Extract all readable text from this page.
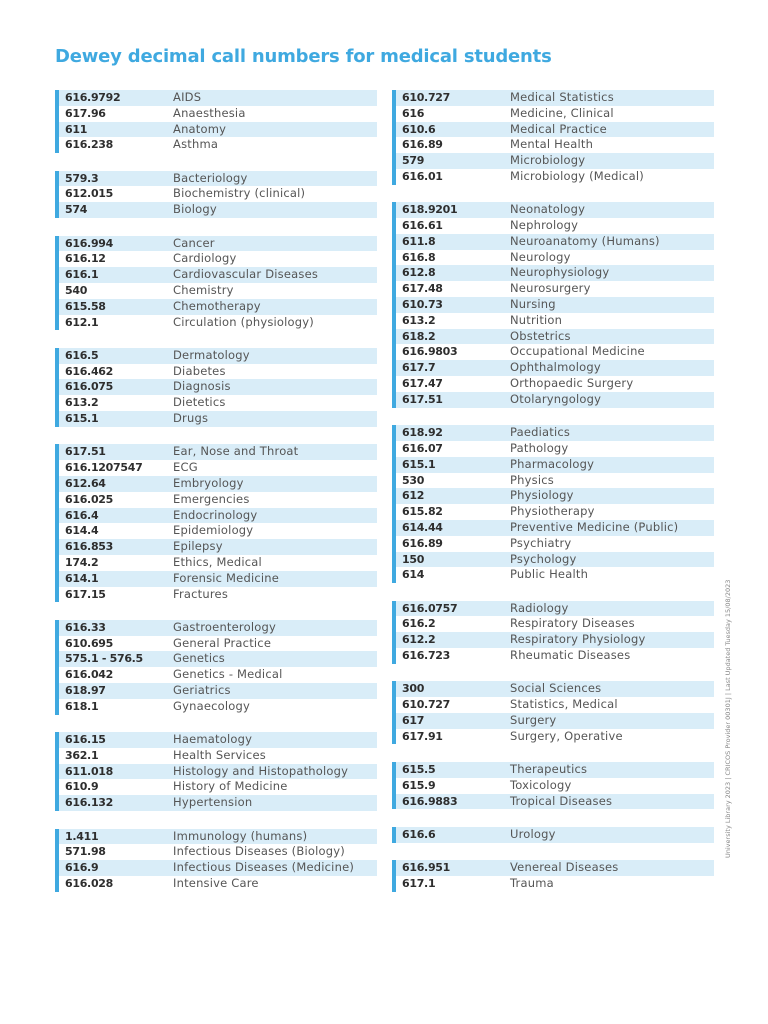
Dewey decimal call numbers for medical students
616.9792	AIDS
617.96	Anaesthesia
611	Anatomy
616.238	Asthma
579.3	Bacteriology
612.015	Biochemistry (clinical)
574	Biology
616.994	Cancer
616.12	Cardiology
616.1	Cardiovascular Diseases
540	Chemistry
615.58	Chemotherapy
612.1	Circulation (physiology)
616.5	Dermatology
616.462	Diabetes
616.075	Diagnosis
613.2	Dietetics
615.1	Drugs
617.51	Ear, Nose and Throat
616.1207547	ECG
612.64	Embryology
616.025	Emergencies
616.4	Endocrinology
614.4	Epidemiology
616.853	Epilepsy
174.2	Ethics, Medical
614.1	Forensic Medicine
617.15	Fractures
616.33	Gastroenterology
610.695	General Practice
575.1 - 576.5	Genetics
616.042	Genetics - Medical
618.97	Geriatrics
618.1	Gynaecology
616.15	Haematology
362.1	Health Services
611.018	Histology and Histopathology
610.9	History of Medicine
616.132	Hypertension
1.411	Immunology (humans)
571.98	Infectious Diseases (Biology)
616.9	Infectious Diseases (Medicine)
616.028	Intensive Care
610.727	Medical Statistics
616	Medicine, Clinical
610.6	Medical Practice
616.89	Mental Health
579	Microbiology
616.01	Microbiology (Medical)
618.9201	Neonatology
616.61	Nephrology
611.8	Neuroanatomy (Humans)
616.8	Neurology
612.8	Neurophysiology
617.48	Neurosurgery
610.73	Nursing
613.2	Nutrition
618.2	Obstetrics
616.9803	Occupational Medicine
617.7	Ophthalmology
617.47	Orthopaedic Surgery
617.51	Otolaryngology
618.92	Paediatics
616.07	Pathology
615.1	Pharmacology
530	Physics
612	Physiology
615.82	Physiotherapy
614.44	Preventive Medicine (Public)
616.89	Psychiatry
150	Psychology
614	Public Health
616.0757	Radiology
616.2	Respiratory Diseases
612.2	Respiratory Physiology
616.723	Rheumatic Diseases
300	Social Sciences
610.727	Statistics, Medical
617	Surgery
617.91	Surgery, Operative
615.5	Therapeutics
615.9	Toxicology
616.9883	Tropical Diseases
616.6	Urology
616.951	Venereal Diseases
617.1	Trauma
University Library 2023 | CRICOS Provider 00301J | Last Updated Tuesday 15/08/2023
